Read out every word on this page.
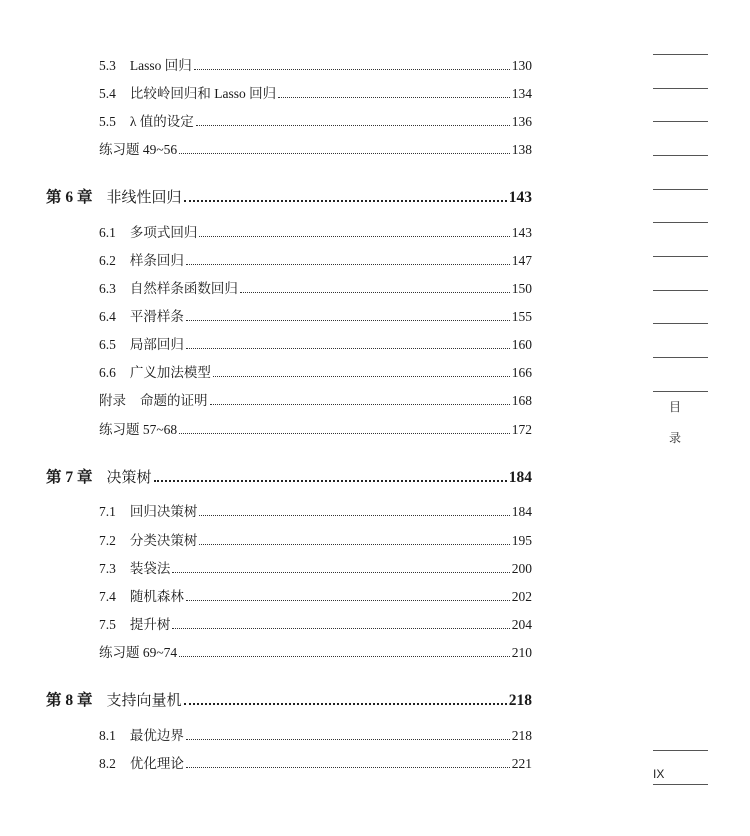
目
录
IX
5.3 Lasso 回归	130
5.4 比较岭回归和 Lasso 回归	134
5.5 λ 值的设定	136
练习题 49~56	138
第 6 章 非线性回归	143
6.1 多项式回归	143
6.2 样条回归	147
6.3 自然样条函数回归	150
6.4 平滑样条	155
6.5 局部回归	160
6.6 广义加法模型	166
附录 命题的证明	168
练习题 57~68	172
第 7 章 决策树	184
7.1 回归决策树	184
7.2 分类决策树	195
7.3 装袋法	200
7.4 随机森林	202
7.5 提升树	204
练习题 69~74	210
第 8 章 支持向量机	218
8.1 最优边界	218
8.2 优化理论	221
